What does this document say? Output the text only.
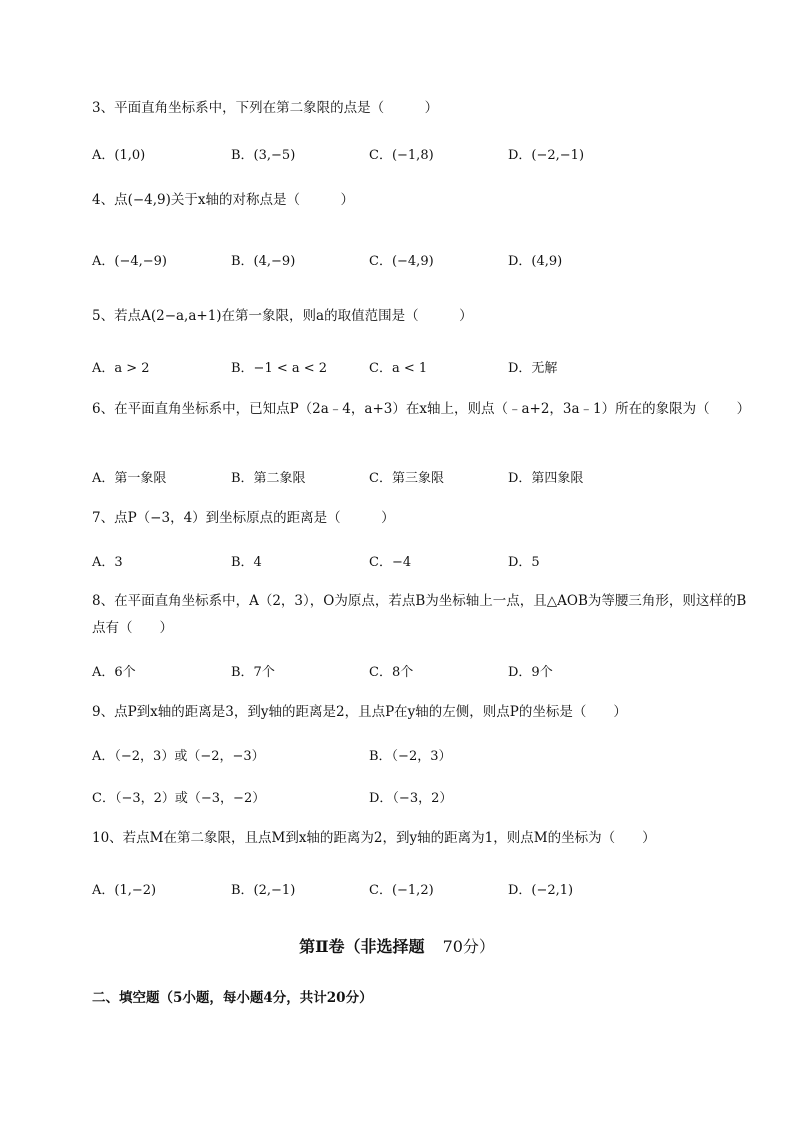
3、平面直角坐标系中，下列在第二象限的点是（　　　）
A．(1,0)	B．(3,−5)	C．(−1,8)	D．(−2,−1)
4、点(−4,9)关于x轴的对称点是（　　　）
A．(−4,−9)	B．(4,−9)	C．(−4,9)	D．(4,9)
5、若点A(2−a,a+1)在第一象限，则a的取值范围是（　　　）
A．a > 2	B．−1 < a < 2	C．a < 1	D．无解
6、在平面直角坐标系中，已知点P（2a﹣4，a+3）在x轴上，则点（﹣a+2，3a﹣1）所在的象限为（　　）
A．第一象限	B．第二象限	C．第三象限	D．第四象限
7、点P（−3，4）到坐标原点的距离是（　　　）
A．3	B．4	C．−4	D．5
8、在平面直角坐标系中，A（2，3），O为原点，若点B为坐标轴上一点，且△AOB为等腰三角形，则这样的B点有（　　）
A．6个	B．7个	C．8个	D．9个
9、点P到x轴的距离是3，到y轴的距离是2，且点P在y轴的左侧，则点P的坐标是（　　）
A．（−2，3）或（−2，−3）	B．（−2，3）
C．（−3，2）或（−3，−2）	D．（−3，2）
10、若点M在第二象限，且点M到x轴的距离为2，到y轴的距离为1，则点M的坐标为（　　）
A．(1,−2)	B．(2,−1)	C．(−1,2)	D．(−2,1)
第Ⅱ卷（非选择题 70分）
二、填空题（5小题，每小题4分，共计20分）
